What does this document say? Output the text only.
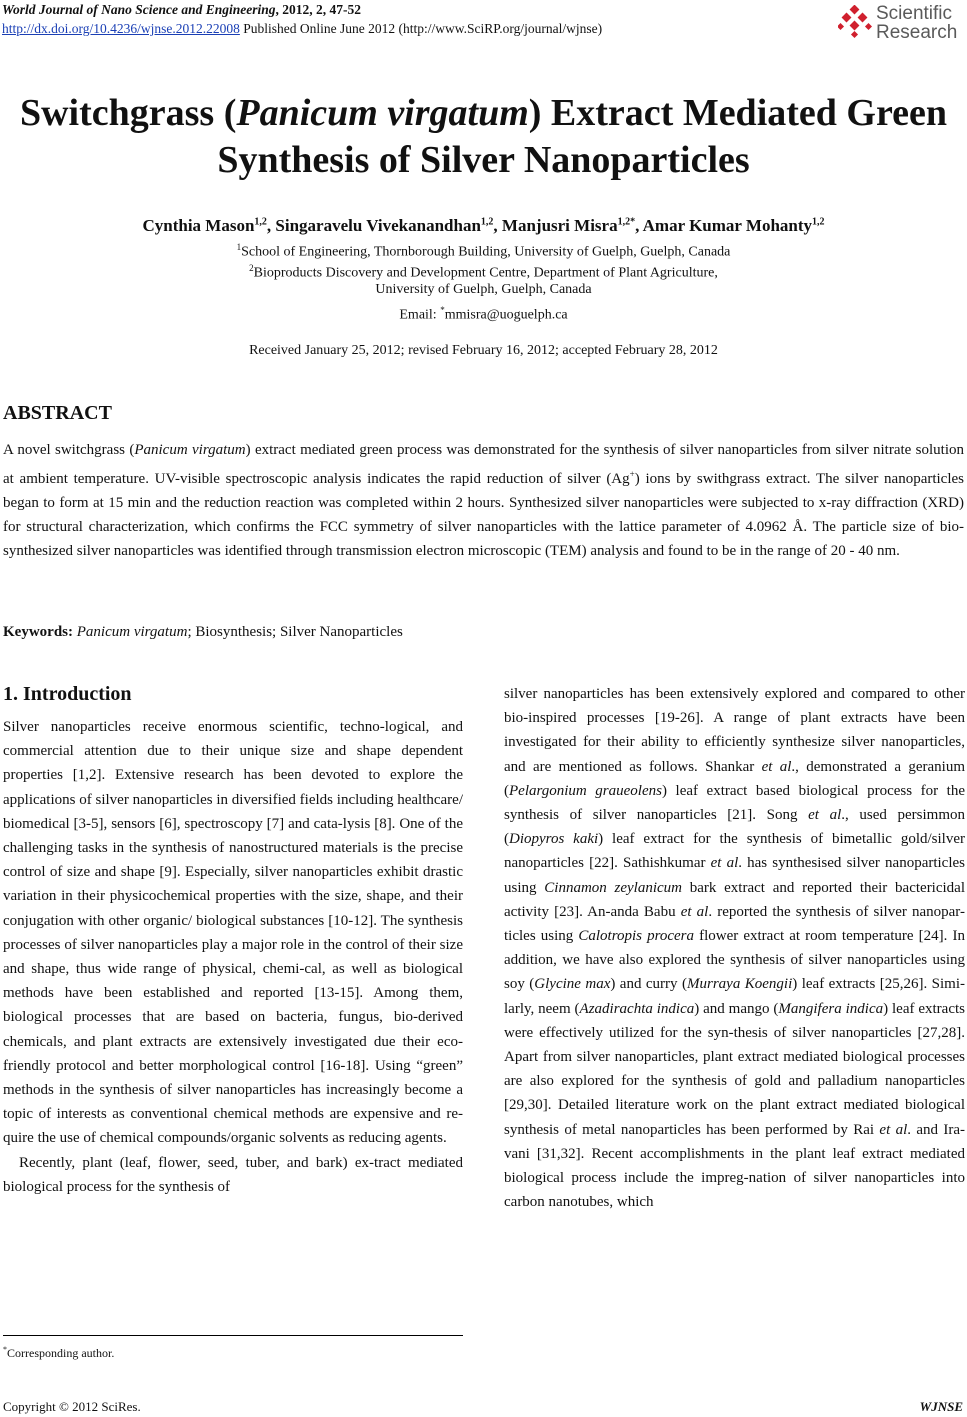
World Journal of Nano Science and Engineering, 2012, 2, 47-52
http://dx.doi.org/10.4236/wjnse.2012.22008 Published Online June 2012 (http://www.SciRP.org/journal/wjnse)
Scientific
Research
Switchgrass (Panicum virgatum) Extract Mediated Green Synthesis of Silver Nanoparticles
Cynthia Mason$^{1,2}$, Singaravelu Vivekanandhan$^{1,2}$, Manjusri Misra$^{1,2*}$, Amar Kumar Mohanty$^{1,2}$
$^1$School of Engineering, Thornborough Building, University of Guelph, Guelph, Canada
$^2$Bioproducts Discovery and Development Centre, Department of Plant Agriculture,
University of Guelph, Guelph, Canada
Email: *mmisra@uoguelph.ca
Received January 25, 2012; revised February 16, 2012; accepted February 28, 2012
ABSTRACT
A novel switchgrass (Panicum virgatum) extract mediated green process was demonstrated for the synthesis of silver nanoparticles from silver nitrate solution at ambient temperature. UV-visible spectroscopic analysis indicates the rapid reduction of silver (Ag+) ions by swithgrass extract. The silver nanoparticles began to form at 15 min and the reduction reaction was completed within 2 hours. Synthesized silver nanoparticles were subjected to x-ray diffraction (XRD) for structural characterization, which confirms the FCC symmetry of silver nanoparticles with the lattice parameter of 4.0962 Å. The particle size of bio-synthesized silver nanoparticles was identified through transmission electron microscopic (TEM) analysis and found to be in the range of 20 - 40 nm.
Keywords: Panicum virgatum; Biosynthesis; Silver Nanoparticles
1. Introduction

Silver nanoparticles receive enormous scientific, techno-logical, and commercial attention due to their unique size and shape dependent properties [1,2]. Extensive research has been devoted to explore the applications of silver nanoparticles in diversified fields including healthcare/ biomedical [3-5], sensors [6], spectroscopy [7] and cata-lysis [8]. One of the challenging tasks in the synthesis of nanostructured materials is the precise control of size and shape [9]. Especially, silver nanoparticles exhibit drastic variation in their physicochemical properties with the size, shape, and their conjugation with other organic/ biological substances [10-12]. The synthesis processes of silver nanoparticles play a major role in the control of their size and shape, thus wide range of physical, chemi-cal, as well as biological methods have been established and reported [13-15]. Among them, biological processes that are based on bacteria, fungus, bio-derived chemicals, and plant extracts are extensively investigated due their eco-friendly protocol and better morphological control [16-18]. Using “green” methods in the synthesis of silver nanoparticles has increasingly become a topic of interests as conventional chemical methods are expensive and re-quire the use of chemical compounds/organic solvents as reducing agents.

Recently, plant (leaf, flower, seed, tuber, and bark) ex-tract mediated biological process for the synthesis of

silver nanoparticles has been extensively explored and compared to other bio-inspired processes [19-26]. A range of plant extracts have been investigated for their ability to efficiently synthesize silver nanoparticles, and are mentioned as follows. Shankar et al., demonstrated a geranium (Pelargonium graueolens) leaf extract based biological process for the synthesis of silver nanoparticles [21]. Song et al., used persimmon (Diopyros kaki) leaf extract for the synthesis of bimetallic gold/silver nanoparticles [22]. Sathishkumar et al. has synthesised silver nanoparticles using Cinnamon zeylanicum bark extract and reported their bactericidal activity [23]. An-anda Babu et al. reported the synthesis of silver nanopar-ticles using Calotropis procera flower extract at room temperature [24]. In addition, we have also explored the synthesis of silver nanoparticles using soy (Glycine max) and curry (Murraya Koengii) leaf extracts [25,26]. Simi-larly, neem (Azadirachta indica) and mango (Mangifera indica) leaf extracts were effectively utilized for the syn-thesis of silver nanoparticles [27,28]. Apart from silver nanoparticles, plant extract mediated biological processes are also explored for the synthesis of gold and palladium nanoparticles [29,30]. Detailed literature work on the plant extract mediated biological synthesis of metal nanoparticles has been performed by Rai et al. and Ira-vani [31,32]. Recent accomplishments in the plant leaf extract mediated biological process include the impreg-nation of silver nanoparticles into carbon nanotubes, which

*Corresponding author.
Copyright © 2012 SciRes.	WJNSE
